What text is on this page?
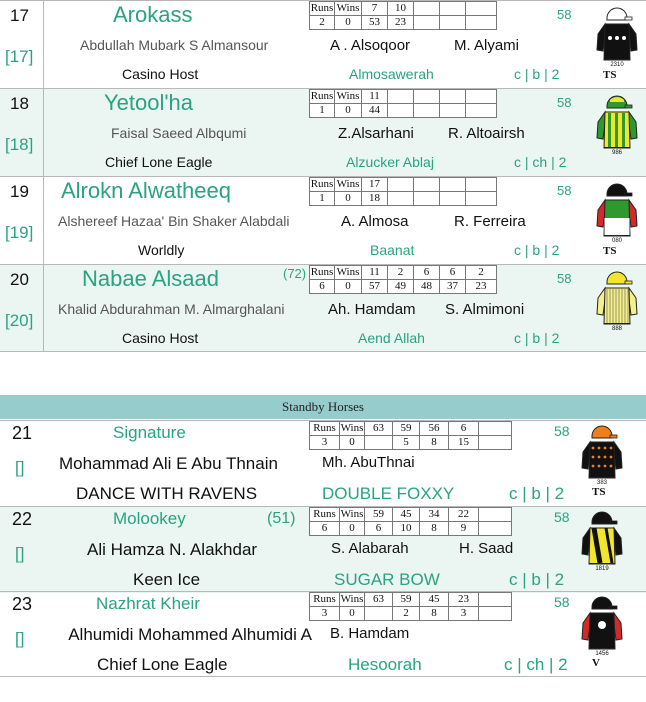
17
[17]
Arokass
Abdullah Mubark S Almansour
Casino Host
A . Alsoqoor	M. Alyami
Almosawerah	c | b | 2
58
Runs	Wins	7	10			
2	0	53	23			
2310
TS
18
[18]
Yetool'ha
Faisal Saeed Albqumi
Chief Lone Eagle
Z.Alsarhani R. Altoairsh
Alzucker Ablaj	c | ch | 2
58
Runs	Wins	11				
1	0	44				
986
19
[19]
Alrokn Alwatheeq
Alshereef Hazaa' Bin Shaker Alabdali
Worldly
A. Almosa	R. Ferreira
Baanat	c | b | 2
58
Runs	Wins	17				
1	0	18				
080
TS
20
[20]
Nabae Alsaad	(72)
Khalid Abdurahman M. Almarghalani
Casino Host
Ah. Hamdam S. Almimoni
Aend Allah	c | b | 2
58
Runs	Wins	11	2	6	6	2
6	0	57	49	48	37	23
888
Standby Horses
21
[]
Signature
Mohammad Ali E Abu Thnain
DANCE WITH RAVENS
Mh. AbuThnai
DOUBLE FOXXY	c | b | 2
58
Runs	Wins	63	59	56	6	
3	0		5	8	15	
383
TS
22
[]
Molookey	(51)
Ali Hamza N. Alakhdar
Keen Ice
S. Alabarah	H. Saad
SUGAR BOW	c | b | 2
58
Runs	Wins	59	45	34	22	
6	0	6	10	8	9	
1819
23
[]
Nazhrat Kheir
Alhumidi Mohammed Alhumidi A
Chief Lone Eagle
B. Hamdam
Hesoorah	c | ch | 2
58
Runs	Wins	63	59	45	23	
3	0		2	8	3	
1456
V
